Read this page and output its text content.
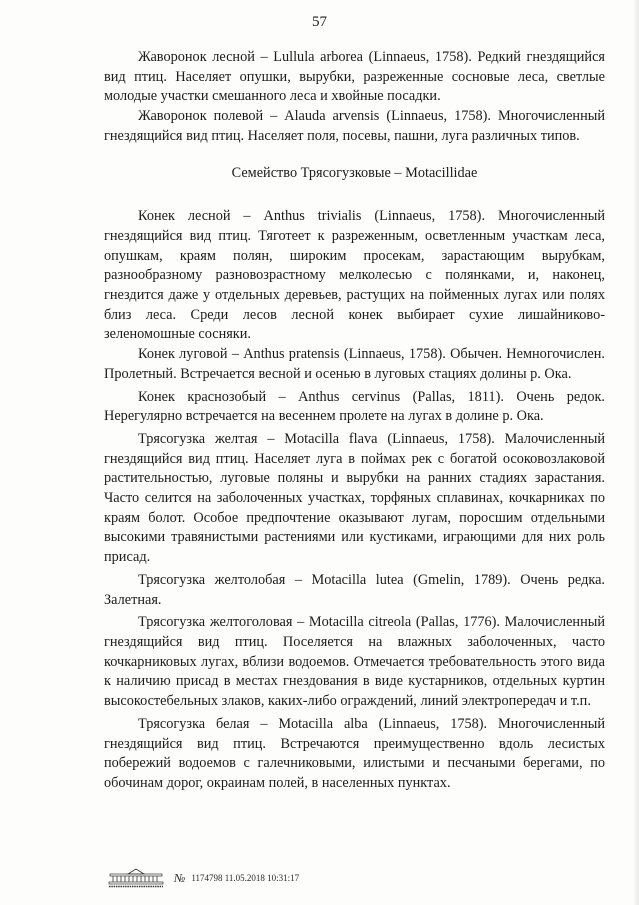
57

Жаворонок лесной – Lullula arborea (Linnaeus, 1758). Редкий гнездящийся вид птиц. Населяет опушки, вырубки, разреженные сосновые леса, светлые молодые участки смешанного леса и хвойные посадки.

Жаворонок полевой – Alauda arvensis (Linnaeus, 1758). Многочисленный гнездящийся вид птиц. Населяет поля, посевы, пашни, луга различных типов.

Семейство Трясогузковые – Motacillidae

Конек лесной – Anthus trivialis (Linnaeus, 1758). Многочисленный гнездящийся вид птиц. Тяготеет к разреженным, осветленным участкам леса, опушкам, краям полян, широким просекам, зарастающим вырубкам, разнообразному разновозрастному мелколесью с полянками, и, наконец, гнездится даже у отдельных деревьев, растущих на пойменных лугах или полях близ леса. Среди лесов лесной конек выбирает сухие лишайниково-зеленомошные сосняки.

Конек луговой – Anthus pratensis (Linnaeus, 1758). Обычен. Немногочислен. Пролетный. Встречается весной и осенью в луговых стациях долины р. Ока.

Конек краснозобый – Anthus cervinus (Pallas, 1811). Очень редок. Нерегулярно встречается на весеннем пролете на лугах в долине р. Ока.

Трясогузка желтая – Motacilla flava (Linnaeus, 1758). Малочисленный гнездящийся вид птиц. Населяет луга в поймах рек с богатой осоковозлаковой растительностью, луговые поляны и вырубки на ранних стадиях зарастания. Часто селится на заболоченных участках, торфяных сплавинах, кочкарниках по краям болот. Особое предпочтение оказывают лугам, поросшим отдельными высокими травянистыми растениями или кустиками, играющими для них роль присад.

Трясогузка желтолобая – Motacilla lutea (Gmelin, 1789). Очень редка. Залетная.

Трясогузка желтоголовая – Motacilla citreola (Pallas, 1776). Малочисленный гнездящийся вид птиц. Поселяется на влажных заболоченных, часто кочкарниковых лугах, вблизи водоемов. Отмечается требовательность этого вида к наличию присад в местах гнездования в виде кустарников, отдельных куртин высокостебельных злаков, каких-либо ограждений, линий электропередач и т.п.

Трясогузка белая – Motacilla alba (Linnaeus, 1758). Многочисленный гнездящийся вид птиц. Встречаются преимущественно вдоль лесистых побережий водоемов с галечниковыми, илистыми и песчаными берегами, по обочинам дорог, окраинам полей, в населенных пунктах.

№ 1174798 11.05.2018 10:31:17
